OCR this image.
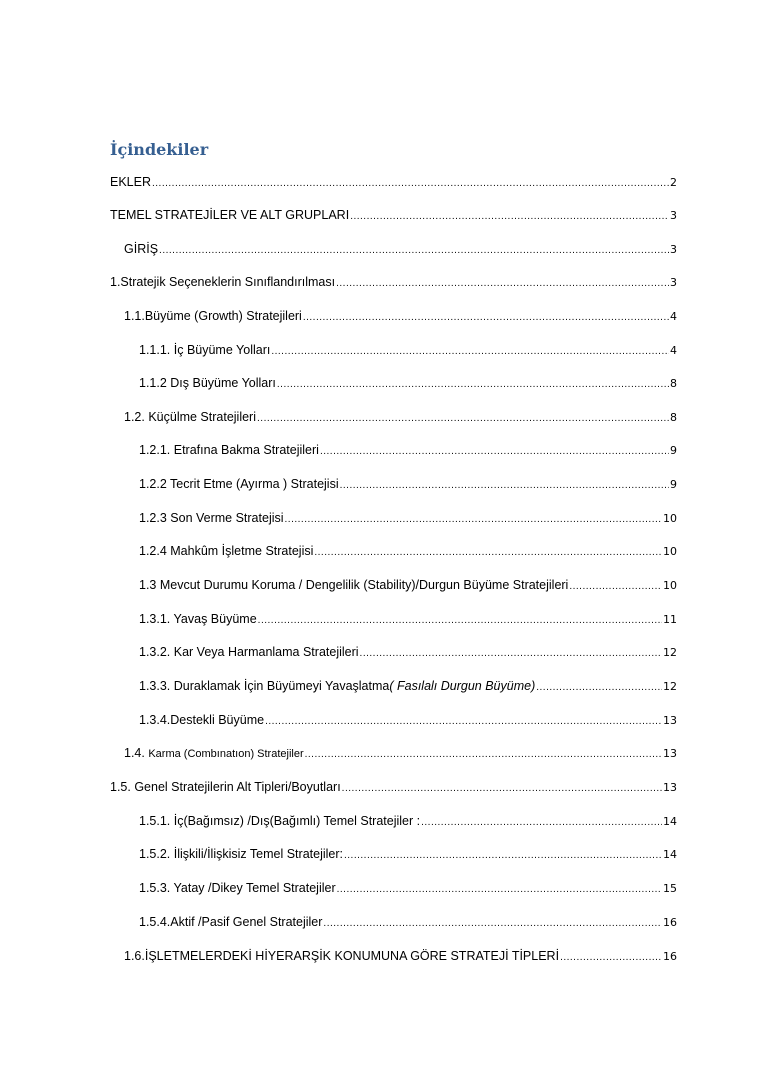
İçindekiler
EKLER .....	2
TEMEL STRATEJİLER VE ALT GRUPLARI .....	3
GİRİŞ .....	3
1.Stratejik Seçeneklerin Sınıflandırılması .....	3
1.1.Büyüme (Growth) Stratejileri .....	4
1.1.1. İç Büyüme Yolları .....	4
1.1.2 Dış Büyüme Yolları .....	8
1.2. Küçülme Stratejileri .....	8
1.2.1. Etrafına Bakma Stratejileri .....	9
1.2.2 Tecrit Etme (Ayırma ) Stratejisi .....	9
1.2.3 Son Verme Stratejisi .....	10
1.2.4 Mahkûm İşletme Stratejisi .....	10
1.3 Mevcut Durumu Koruma / Dengelilik (Stability)/Durgun Büyüme Stratejileri .....	10
1.3.1. Yavaş Büyüme .....	11
1.3.2. Kar Veya Harmanlama Stratejileri .....	12
1.3.3. Duraklamak İçin Büyümeyi Yavaşlatma( Fasılalı Durgun Büyüme) .....	12
1.3.4.Destekli Büyüme .....	13
1.4. Karma (Combınatıon) Stratejiler .....	13
1.5. Genel Stratejilerin Alt Tipleri/Boyutları .....	13
1.5.1. İç(Bağımsız) /Dış(Bağımlı) Temel Stratejiler : .....	14
1.5.2. İlişkili/İlişkisiz Temel Stratejiler: .....	14
1.5.3. Yatay /Dikey Temel Stratejiler .....	15
1.5.4.Aktif /Pasif Genel Stratejiler .....	16
1.6.İŞLETMELERDEKİ HİYERARŞİK KONUMUNA GÖRE STRATEJİ TİPLERİ .....	16
